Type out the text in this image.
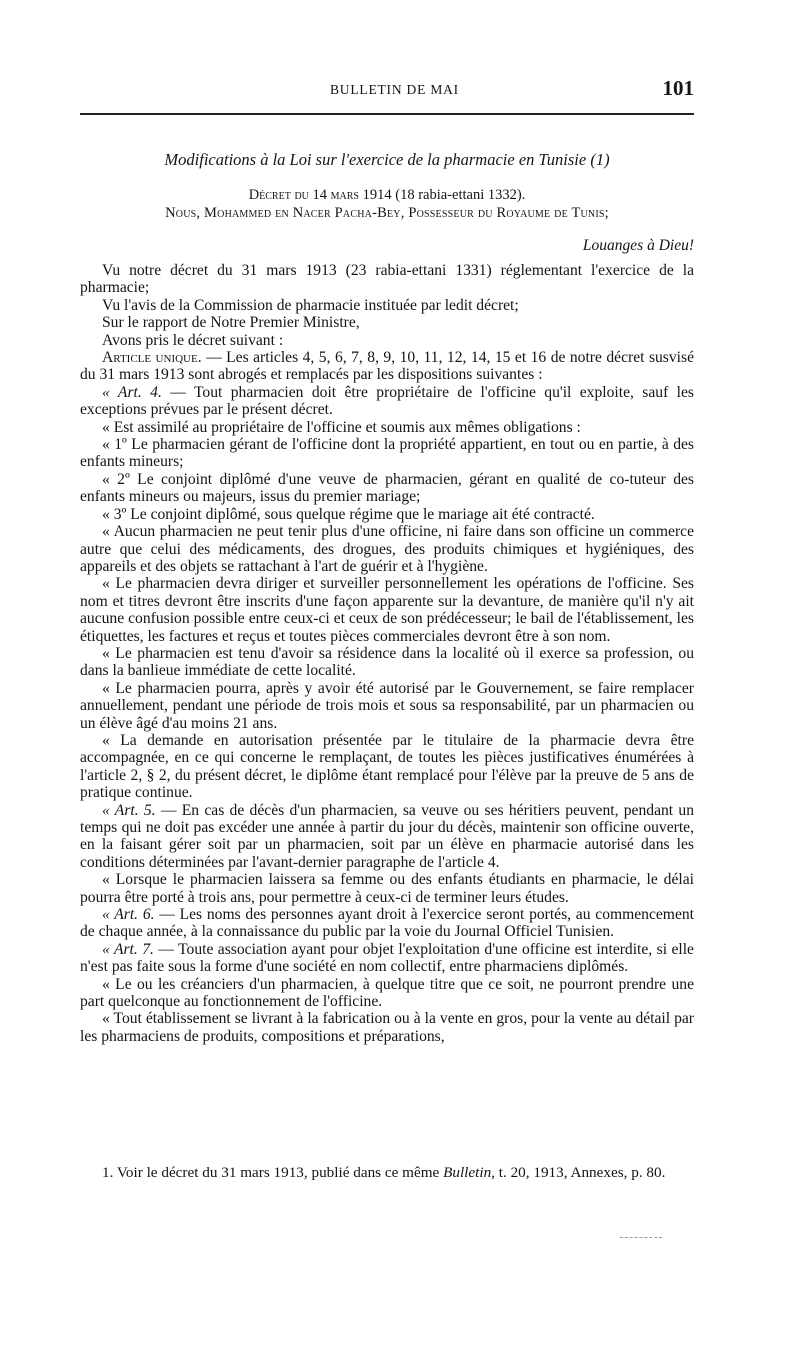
BULLETIN DE MAI	101
Modifications à la Loi sur l'exercice de la pharmacie en Tunisie (1)
Décret du 14 mars 1914 (18 rabia-ettani 1332).
Nous, Mohammed en Nacer Pacha-Bey, Possesseur du Royaume de Tunis;
Louanges à Dieu!

Vu notre décret du 31 mars 1913 (23 rabia-ettani 1331) réglementant l'exercice de la pharmacie;

Vu l'avis de la Commission de pharmacie instituée par ledit décret;

Sur le rapport de Notre Premier Ministre,

Avons pris le décret suivant :

Article unique. — Les articles 4, 5, 6, 7, 8, 9, 10, 11, 12, 14, 15 et 16 de notre décret susvisé du 31 mars 1913 sont abrogés et remplacés par les dispositions suivantes :

« Art. 4. — Tout pharmacien doit être propriétaire de l'officine qu'il exploite, sauf les exceptions prévues par le présent décret.

« Est assimilé au propriétaire de l'officine et soumis aux mêmes obligations :

« 1º Le pharmacien gérant de l'officine dont la propriété appartient, en tout ou en partie, à des enfants mineurs;

« 2º Le conjoint diplômé d'une veuve de pharmacien, gérant en qualité de co-tuteur des enfants mineurs ou majeurs, issus du premier mariage;

« 3º Le conjoint diplômé, sous quelque régime que le mariage ait été contracté.

« Aucun pharmacien ne peut tenir plus d'une officine, ni faire dans son officine un commerce autre que celui des médicaments, des drogues, des produits chimiques et hygiéniques, des appareils et des objets se rattachant à l'art de guérir et à l'hygiène.

« Le pharmacien devra diriger et surveiller personnellement les opérations de l'officine. Ses nom et titres devront être inscrits d'une façon apparente sur la devanture, de manière qu'il n'y ait aucune confusion possible entre ceux-ci et ceux de son prédécesseur; le bail de l'établissement, les étiquettes, les factures et reçus et toutes pièces commerciales devront être à son nom.

« Le pharmacien est tenu d'avoir sa résidence dans la localité où il exerce sa profession, ou dans la banlieue immédiate de cette localité.

« Le pharmacien pourra, après y avoir été autorisé par le Gouvernement, se faire remplacer annuellement, pendant une période de trois mois et sous sa responsabilité, par un pharmacien ou un élève âgé d'au moins 21 ans.

« La demande en autorisation présentée par le titulaire de la pharmacie devra être accompagnée, en ce qui concerne le remplaçant, de toutes les pièces justificatives énumérées à l'article 2, § 2, du présent décret, le diplôme étant remplacé pour l'élève par la preuve de 5 ans de pratique continue.

« Art. 5. — En cas de décès d'un pharmacien, sa veuve ou ses héritiers peuvent, pendant un temps qui ne doit pas excéder une année à partir du jour du décès, maintenir son officine ouverte, en la faisant gérer soit par un pharmacien, soit par un élève en pharmacie autorisé dans les conditions déterminées par l'avant-dernier paragraphe de l'article 4.

« Lorsque le pharmacien laissera sa femme ou des enfants étudiants en pharmacie, le délai pourra être porté à trois ans, pour permettre à ceux-ci de terminer leurs études.

« Art. 6. — Les noms des personnes ayant droit à l'exercice seront portés, au commencement de chaque année, à la connaissance du public par la voie du Journal Officiel Tunisien.

« Art. 7. — Toute association ayant pour objet l'exploitation d'une officine est interdite, si elle n'est pas faite sous la forme d'une société en nom collectif, entre pharmaciens diplômés.

« Le ou les créanciers d'un pharmacien, à quelque titre que ce soit, ne pourront prendre une part quelconque au fonctionnement de l'officine.

« Tout établissement se livrant à la fabrication ou à la vente en gros, pour la vente au détail par les pharmaciens de produits, compositions et préparations,

1. Voir le décret du 31 mars 1913, publié dans ce même Bulletin, t. 20, 1913, Annexes, p. 80.
